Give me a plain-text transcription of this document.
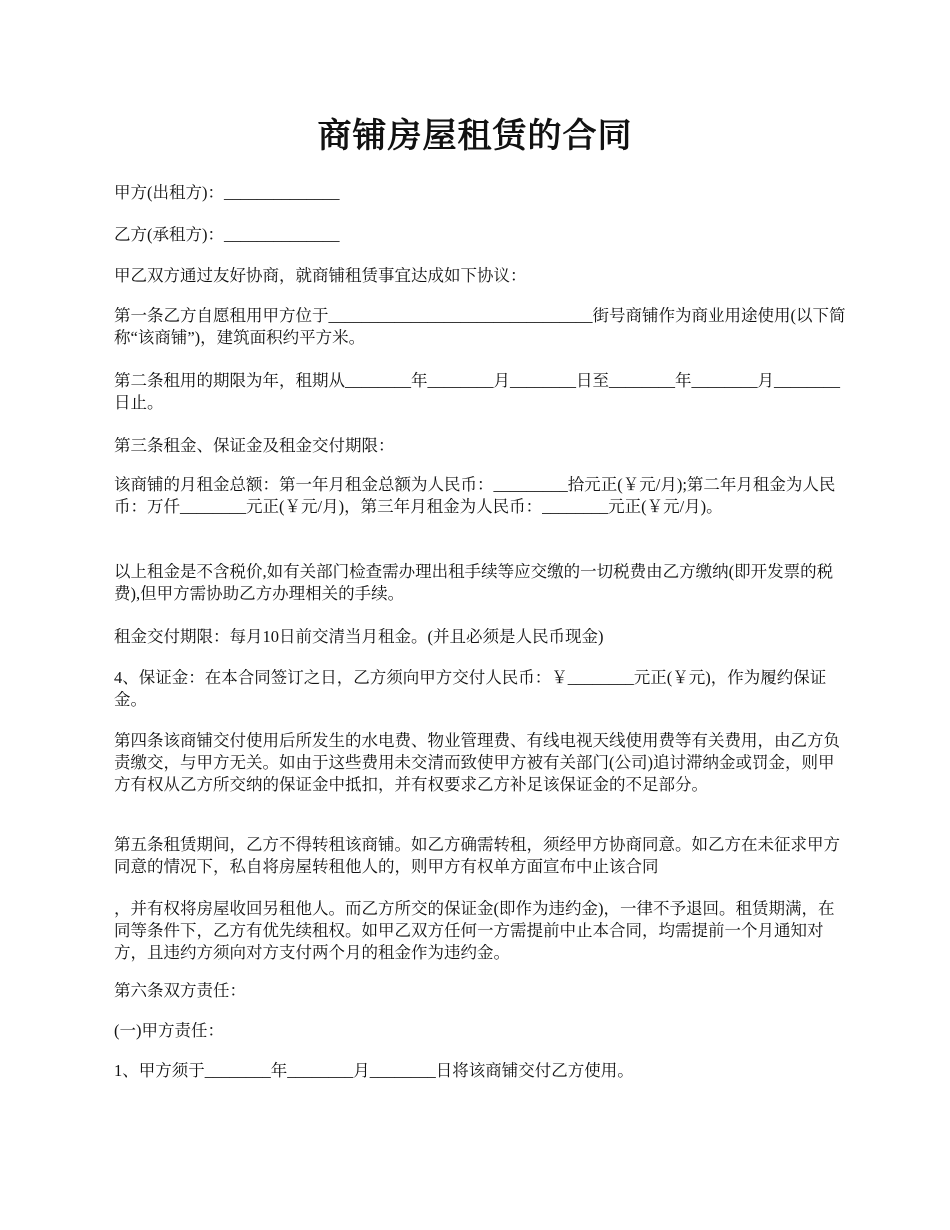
商铺房屋租赁的合同

甲方(出租方)：______________

乙方(承租方)：______________

甲乙双方通过友好协商，就商铺租赁事宜达成如下协议：

第一条乙方自愿租用甲方位于________________________________街号商铺作为商业用途使用(以下简称“该商铺”)，建筑面积约平方米。

第二条租用的期限为年，租期从________年________月________日至________年________月________日止。

第三条租金、保证金及租金交付期限：

该商铺的月租金总额：第一年月租金总额为人民币：_________拾元正(￥元/月);第二年月租金为人民币：万仟________元正(￥元/月)，第三年月租金为人民币：________元正(￥元/月)。

以上租金是不含税价,如有关部门检查需办理出租手续等应交缴的一切税费由乙方缴纳(即开发票的税费),但甲方需协助乙方办理相关的手续。

租金交付期限：每月10日前交清当月租金。(并且必须是人民币现金)

4、保证金：在本合同签订之日，乙方须向甲方交付人民币：￥________元正(￥元)，作为履约保证金。

第四条该商铺交付使用后所发生的水电费、物业管理费、有线电视天线使用费等有关费用，由乙方负责缴交，与甲方无关。如由于这些费用未交清而致使甲方被有关部门(公司)追讨滞纳金或罚金，则甲方有权从乙方所交纳的保证金中抵扣，并有权要求乙方补足该保证金的不足部分。

第五条租赁期间，乙方不得转租该商铺。如乙方确需转租，须经甲方协商同意。如乙方在未征求甲方同意的情况下，私自将房屋转租他人的，则甲方有权单方面宣布中止该合同

，并有权将房屋收回另租他人。而乙方所交的保证金(即作为违约金)，一律不予退回。租赁期满，在同等条件下，乙方有优先续租权。如甲乙双方任何一方需提前中止本合同，均需提前一个月通知对方，且违约方须向对方支付两个月的租金作为违约金。

第六条双方责任：

(一)甲方责任：

1、甲方须于________年________月________日将该商铺交付乙方使用。
